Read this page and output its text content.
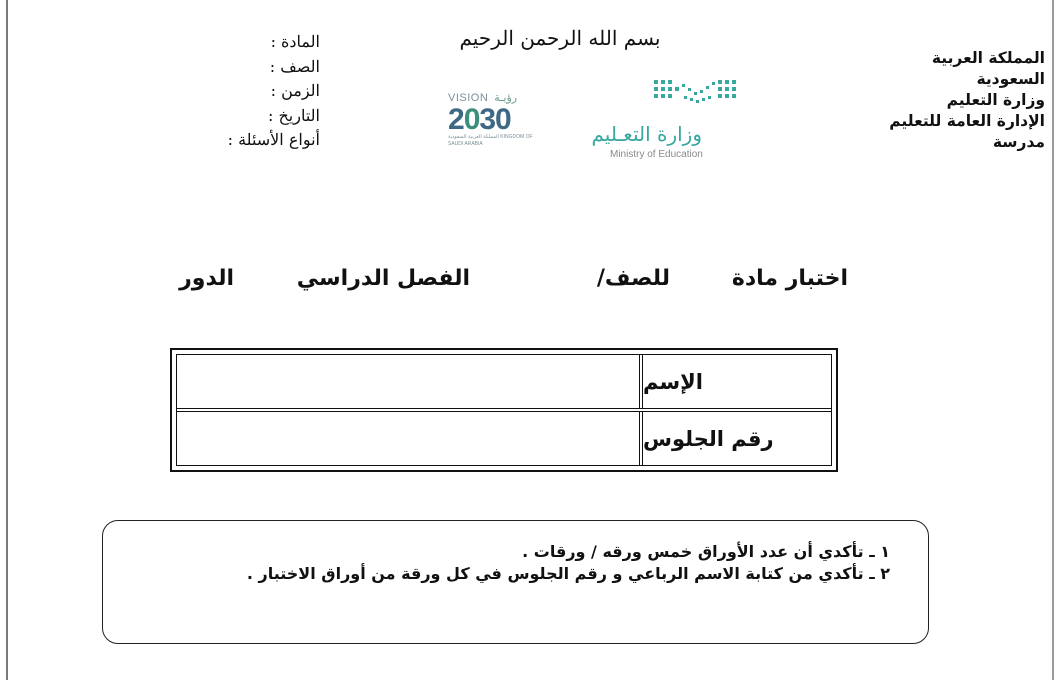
بسم الله الرحمن الرحيم
المادة :
الصف :
الزمن :
التاريخ :
أنواع الأسئلة :
المملكة العربية السعودية
وزارة التعليم
الإدارة العامة للتعليم
مدرسة
VISION رؤيـة
2030
المملكة العربية السعودية KINGDOM OF SAUDI ARABIA	وزارة التعـليم
Ministry of Education
اختبار مادة
للصف/
الفصل الدراسي
الدور
الإسم
رقم الجلوس
١ ـ تأكدي أن عدد الأوراق خمس ورقه / ورقات .
٢ ـ تأكدي من كتابة الاسم الرباعي و رقم الجلوس في كل ورقة من أوراق الاختبار .
